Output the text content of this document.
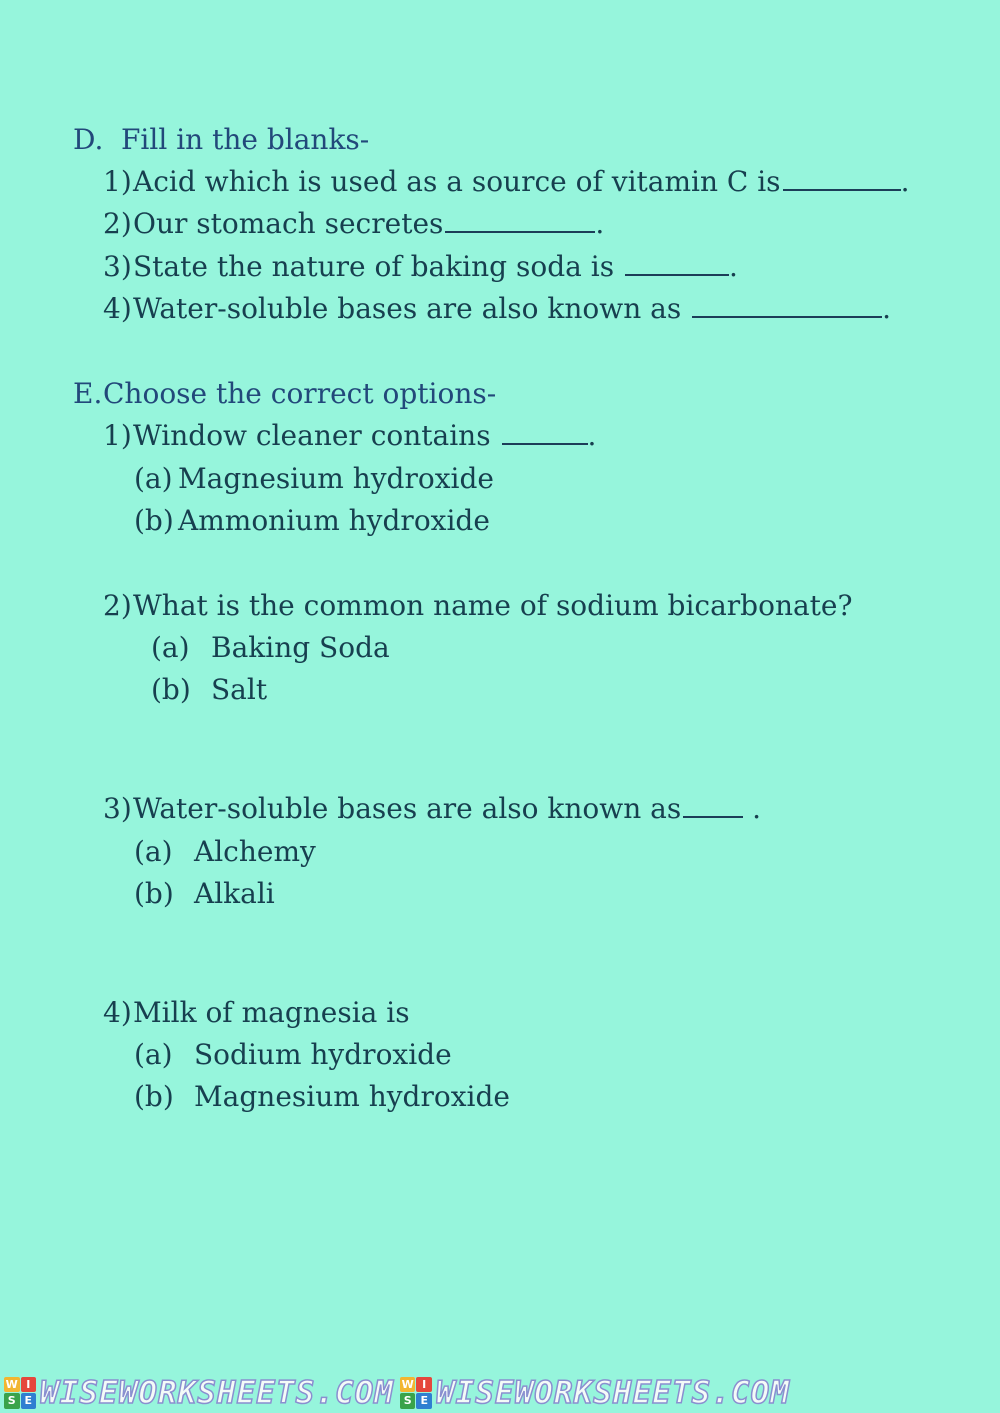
D. Fill in the blanks-
1)Acid which is used as a source of vitamin C is	.
2)Our stomach secretes	.
3)State the nature of baking soda is	.
4)Water-soluble bases are also known as	.
E.Choose the correct options-
1)Window cleaner contains	.
(a) Magnesium hydroxide
(b) Ammonium hydroxide
2)What is the common name of sodium bicarbonate?
(a) Baking Soda
(b) Salt
3)Water-soluble bases are also known as .
(a) Alchemy
(b) Alkali
4)Milk of magnesia is
(a) Sodium hydroxide
(b) Magnesium hydroxide
W I
S E WISEWORKSHEETS.COM W I
S E WISEWORKSHEETS.COM
